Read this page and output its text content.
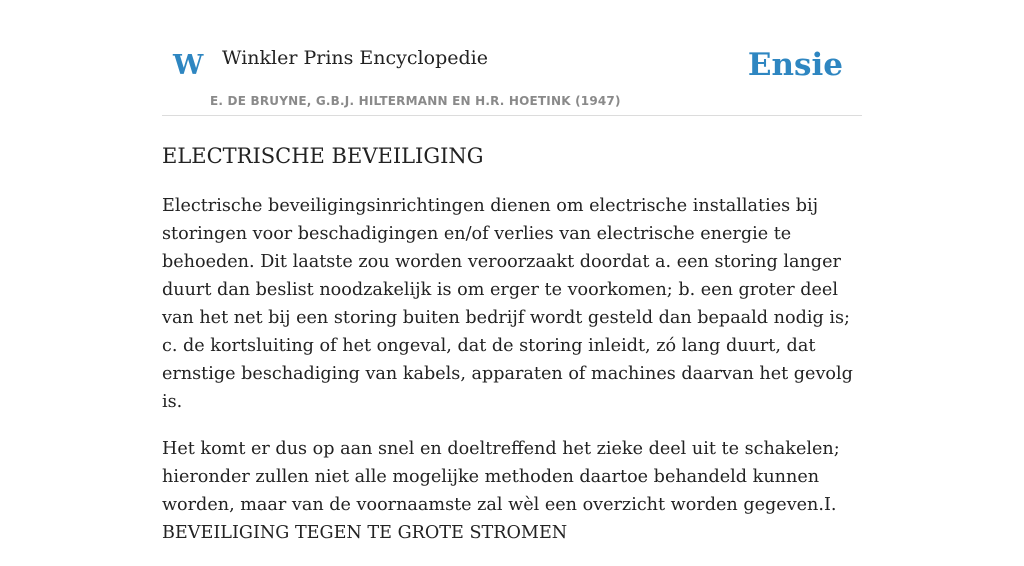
W Winkler Prins Encyclopedie
E. DE BRUYNE, G.B.J. HILTERMANN EN H.R. HOETINK (1947)
Ensie
ELECTRISCHE BEVEILIGING

Electrische beveiligingsinrichtingen dienen om electrische installaties bij storingen voor beschadigingen en/of verlies van electrische energie te behoeden. Dit laatste zou worden veroorzaakt doordat a. een storing langer duurt dan beslist noodzakelijk is om erger te voorkomen; b. een groter deel van het net bij een storing buiten bedrijf wordt gesteld dan bepaald nodig is; c. de kortsluiting of het ongeval, dat de storing inleidt, zó lang duurt, dat ernstige beschadiging van kabels, apparaten of machines daarvan het gevolg is.

Het komt er dus op aan snel en doeltreffend het zieke deel uit te schakelen; hieronder zullen niet alle mogelijke methoden daartoe behandeld kunnen worden, maar van de voornaamste zal wèl een overzicht worden gegeven.I. BEVEILIGING TEGEN TE GROTE STROMEN
